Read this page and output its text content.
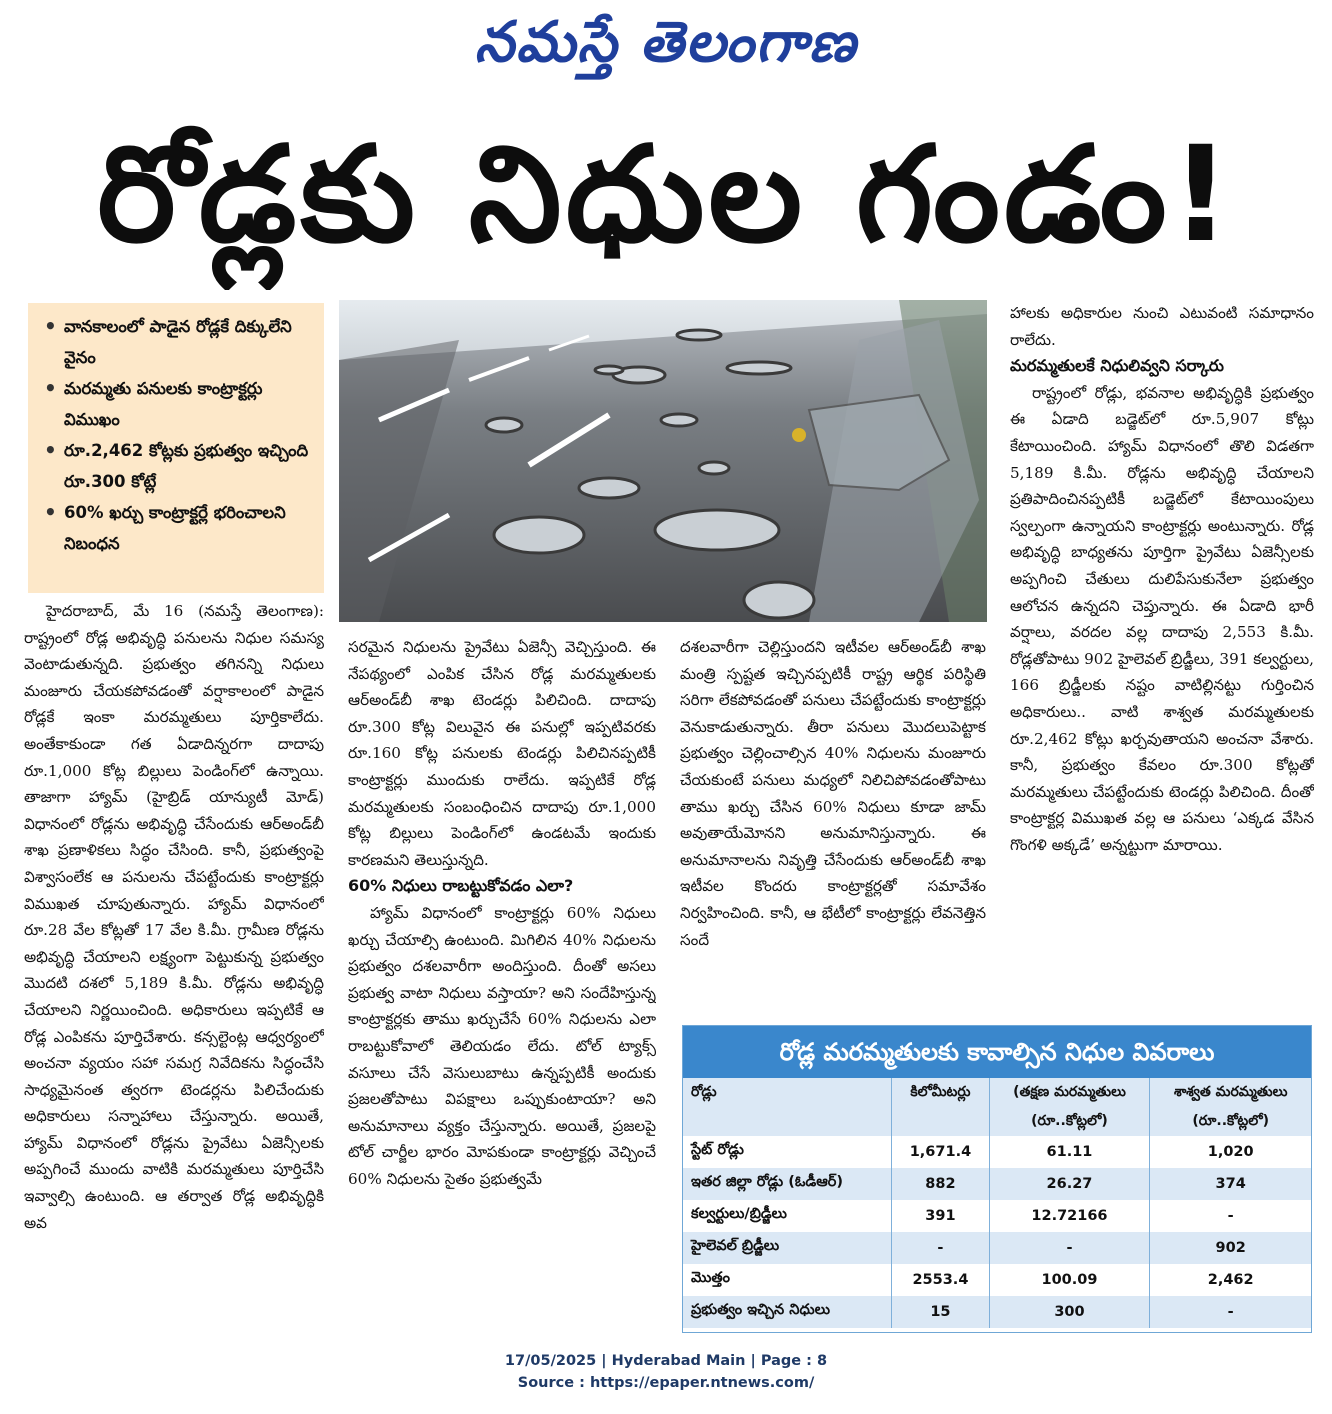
నమస్తే తెలంగాణ
రోడ్లకు నిధుల గండం!
• వానకాలంలో పాడైన రోడ్లకే దిక్కులేని వైనం
• మరమ్మతు పనులకు కాంట్రాక్టర్లు విముఖం
• రూ.2,462 కోట్లకు ప్రభుత్వం ఇచ్చింది రూ.300 కోట్లే
• 60% ఖర్చు కాంట్రాక్టర్లే భరించాలని నిబంధన

హైదరాబాద్, మే 16 (నమస్తే తెలంగాణ): రాష్ట్రంలో రోడ్ల అభివృద్ధి పనులను నిధుల సమస్య వెంటాడుతున్నది. ప్రభుత్వం తగినన్ని నిధులు మంజూరు చేయకపోవడంతో వర్షాకాలంలో పాడైన రోడ్లకే ఇంకా మరమ్మతులు పూర్తికాలేదు. అంతేకాకుండా గత ఏడాదిన్నరగా దాదాపు రూ.1,000 కోట్ల బిల్లులు పెండింగ్‌లో ఉన్నాయి. తాజాగా హ్యామ్ (హైబ్రిడ్ యాన్యుటీ మోడ్) విధానంలో రోడ్లను అభివృద్ధి చేసేందుకు ఆర్‌అండ్‌బీ శాఖ ప్రణాళికలు సిద్ధం చేసింది. కానీ, ప్రభుత్వంపై విశ్వాసంలేక ఆ పనులను చేపట్టేందుకు కాంట్రాక్టర్లు విముఖత చూపుతున్నారు. హ్యామ్ విధానంలో రూ.28 వేల కోట్లతో 17 వేల కి.మీ. గ్రామీణ రోడ్లను అభివృద్ధి చేయాలని లక్ష్యంగా పెట్టుకున్న ప్రభుత్వం మొదటి దశలో 5,189 కి.మీ. రోడ్లను అభివృద్ధి చేయాలని నిర్ణయించింది. అధికారులు ఇప్పటికే ఆ రోడ్ల ఎంపికను పూర్తిచేశారు. కన్సల్టెంట్ల ఆధ్వర్యంలో అంచనా వ్యయం సహా సమగ్ర నివేదికను సిద్ధంచేసి సాధ్యమైనంత త్వరగా టెండర్లను పిలిచేందుకు అధికారులు సన్నాహాలు చేస్తున్నారు. అయితే, హ్యామ్ విధానంలో రోడ్లను ప్రైవేటు ఏజెన్సీలకు అప్పగించే ముందు వాటికి మరమ్మతులు పూర్తిచేసి ఇవ్వాల్సి ఉంటుంది. ఆ తర్వాత రోడ్ల అభివృద్ధికి అవ

సరమైన నిధులను ప్రైవేటు ఏజెన్సీ వెచ్చిస్తుంది. ఈ నేపథ్యంలో ఎంపిక చేసిన రోడ్ల మరమ్మతులకు ఆర్‌అండ్‌బీ శాఖ టెండర్లు పిలిచింది. దాదాపు రూ.300 కోట్ల విలువైన ఈ పనుల్లో ఇప్పటివరకు రూ.160 కోట్ల పనులకు టెండర్లు పిలిచినప్పటికీ కాంట్రాక్టర్లు ముందుకు రాలేదు. ఇప్పటికే రోడ్ల మరమ్మతులకు సంబంధించిన దాదాపు రూ.1,000 కోట్ల బిల్లులు పెండింగ్‌లో ఉండటమే ఇందుకు కారణమని తెలుస్తున్నది.

60% నిధులు రాబట్టుకోవడం ఎలా?

హ్యామ్ విధానంలో కాంట్రాక్టర్లు 60% నిధులు ఖర్చు చేయాల్సి ఉంటుంది. మిగిలిన 40% నిధులను ప్రభుత్వం దశలవారీగా అందిస్తుంది. దీంతో అసలు ప్రభుత్వ వాటా నిధులు వస్తాయా? అని సందేహిస్తున్న కాంట్రాక్టర్లకు తాము ఖర్చుచేసే 60% నిధులను ఎలా రాబట్టుకోవాలో తెలియడం లేదు. టోల్ ట్యాక్స్ వసూలు చేసే వెసులుబాటు ఉన్నప్పటికీ అందుకు ప్రజలతోపాటు విపక్షాలు ఒప్పుకుంటాయా? అని అనుమానాలు వ్యక్తం చేస్తున్నారు. అయితే, ప్రజలపై టోల్ చార్జీల భారం మోపకుండా కాంట్రాక్టర్లు వెచ్చించే 60% నిధులను సైతం ప్రభుత్వమే

దశలవారీగా చెల్లిస్తుందని ఇటీవల ఆర్‌అండ్‌బీ శాఖ మంత్రి స్పష్టత ఇచ్చినప్పటికీ రాష్ట్ర ఆర్థిక పరిస్థితి సరిగా లేకపోవడంతో పనులు చేపట్టేందుకు కాంట్రాక్టర్లు వెనుకాడుతున్నారు. తీరా పనులు మొదలుపెట్టాక ప్రభుత్వం చెల్లించాల్సిన 40% నిధులను మంజూరు చేయకుంటే పనులు మధ్యలో నిలిచిపోవడంతోపాటు తాము ఖర్చు చేసిన 60% నిధులు కూడా జామ్ అవుతాయేమోనని అనుమానిస్తున్నారు. ఈ అనుమానాలను నివృత్తి చేసేందుకు ఆర్‌అండ్‌బీ శాఖ ఇటీవల కొందరు కాంట్రాక్టర్లతో సమావేశం నిర్వహించింది. కానీ, ఆ భేటీలో కాంట్రాక్టర్లు లేవనెత్తిన సందే

హాలకు అధికారుల నుంచి ఎటువంటి సమాధానం రాలేదు.

మరమ్మతులకే నిధులివ్వని సర్కారు

రాష్ట్రంలో రోడ్లు, భవనాల అభివృద్ధికి ప్రభుత్వం ఈ ఏడాది బడ్జెట్‌లో రూ.5,907 కోట్లు కేటాయించింది. హ్యామ్ విధానంలో తొలి విడతగా 5,189 కి.మీ. రోడ్లను అభివృద్ధి చేయాలని ప్రతిపాదించినప్పటికీ బడ్జెట్‌లో కేటాయింపులు స్వల్పంగా ఉన్నాయని కాంట్రాక్టర్లు అంటున్నారు. రోడ్ల అభివృద్ధి బాధ్యతను పూర్తిగా ప్రైవేటు ఏజెన్సీలకు అప్పగించి చేతులు దులిపేసుకునేలా ప్రభుత్వం ఆలోచన ఉన్నదని చెప్తున్నారు. ఈ ఏడాది భారీ వర్షాలు, వరదల వల్ల దాదాపు 2,553 కి.మీ. రోడ్లతోపాటు 902 హైలెవల్ బ్రిడ్జీలు, 391 కల్వర్టులు, 166 బ్రిడ్జీలకు నష్టం వాటిల్లినట్టు గుర్తించిన అధికారులు.. వాటి శాశ్వత మరమ్మతులకు రూ.2,462 కోట్లు ఖర్చవుతాయని అంచనా వేశారు. కానీ, ప్రభుత్వం కేవలం రూ.300 కోట్లతో మరమ్మతులు చేపట్టేందుకు టెండర్లు పిలిచింది. దీంతో కాంట్రాక్టర్ల విముఖత వల్ల ఆ పనులు ‘ఎక్కడ వేసిన గొంగళి అక్కడే’ అన్నట్టుగా మారాయి.

రోడ్ల మరమ్మతులకు కావాల్సిన నిధుల వివరాలు
రోడ్లు	కిలోమీటర్లు	(తక్షణ మరమ్మతులు	శాశ్వత మరమ్మతులు
		(రూ..కోట్లలో)	(రూ..కోట్లలో)
స్టేట్ రోడ్లు	1,671.4	61.11	1,020
ఇతర జిల్లా రోడ్లు (ఓడీఆర్)	882	26.27	374
కల్వర్టులు/బ్రిడ్జీలు	391	12.72166	-
హైలెవల్ బ్రిడ్జీలు	-	-	902
మొత్తం	2553.4	100.09	2,462
ప్రభుత్వం ఇచ్చిన నిధులు	15	300	-
17/05/2025 | Hyderabad Main | Page : 8
Source : https://epaper.ntnews.com/
